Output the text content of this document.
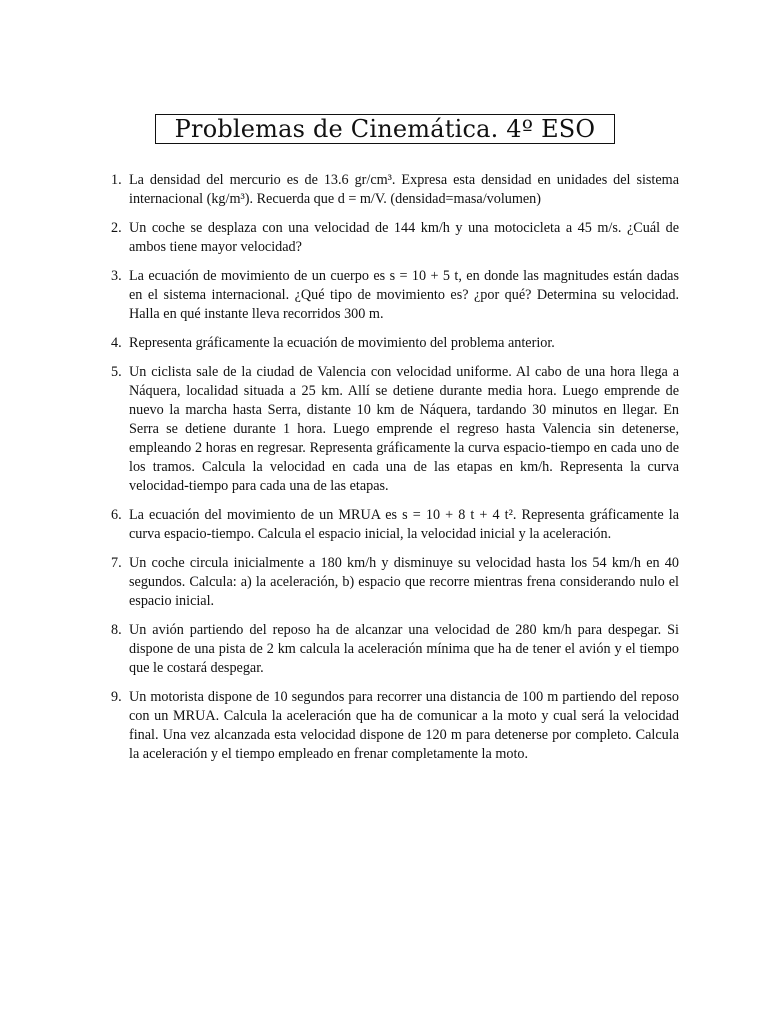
Problemas de Cinemática. 4º ESO
1. La densidad del mercurio es de 13.6 gr/cm³. Expresa esta densidad en unidades del sistema internacional (kg/m³). Recuerda que d = m/V. (densidad=masa/volumen)
2. Un coche se desplaza con una velocidad de 144 km/h y una motocicleta a 45 m/s. ¿Cuál de ambos tiene mayor velocidad?
3. La ecuación de movimiento de un cuerpo es s = 10 + 5 t, en donde las magnitudes están dadas en el sistema internacional. ¿Qué tipo de movimiento es? ¿por qué? Determina su velocidad. Halla en qué instante lleva recorridos 300 m.
4. Representa gráficamente la ecuación de movimiento del problema anterior.
5. Un ciclista sale de la ciudad de Valencia con velocidad uniforme. Al cabo de una hora llega a Náquera, localidad situada a 25 km. Allí se detiene durante media hora. Luego emprende de nuevo la marcha hasta Serra, distante 10 km de Náquera, tardando 30 minutos en llegar. En Serra se detiene durante 1 hora. Luego emprende el regreso hasta Valencia sin detenerse, empleando 2 horas en regresar. Representa gráficamente la curva espacio-tiempo en cada uno de los tramos. Calcula la velocidad en cada una de las etapas en km/h. Representa la curva velocidad-tiempo para cada una de las etapas.
6. La ecuación del movimiento de un MRUA es s = 10 + 8 t + 4 t². Representa gráficamente la curva espacio-tiempo. Calcula el espacio inicial, la velocidad inicial y la aceleración.
7. Un coche circula inicialmente a 180 km/h y disminuye su velocidad hasta los 54 km/h en 40 segundos. Calcula: a) la aceleración, b) espacio que recorre mientras frena considerando nulo el espacio inicial.
8. Un avión partiendo del reposo ha de alcanzar una velocidad de 280 km/h para despegar. Si dispone de una pista de 2 km calcula la aceleración mínima que ha de tener el avión y el tiempo que le costará despegar.
9. Un motorista dispone de 10 segundos para recorrer una distancia de 100 m partiendo del reposo con un MRUA. Calcula la aceleración que ha de comunicar a la moto y cual será la velocidad final. Una vez alcanzada esta velocidad dispone de 120 m para detenerse por completo. Calcula la aceleración y el tiempo empleado en frenar completamente la moto.
